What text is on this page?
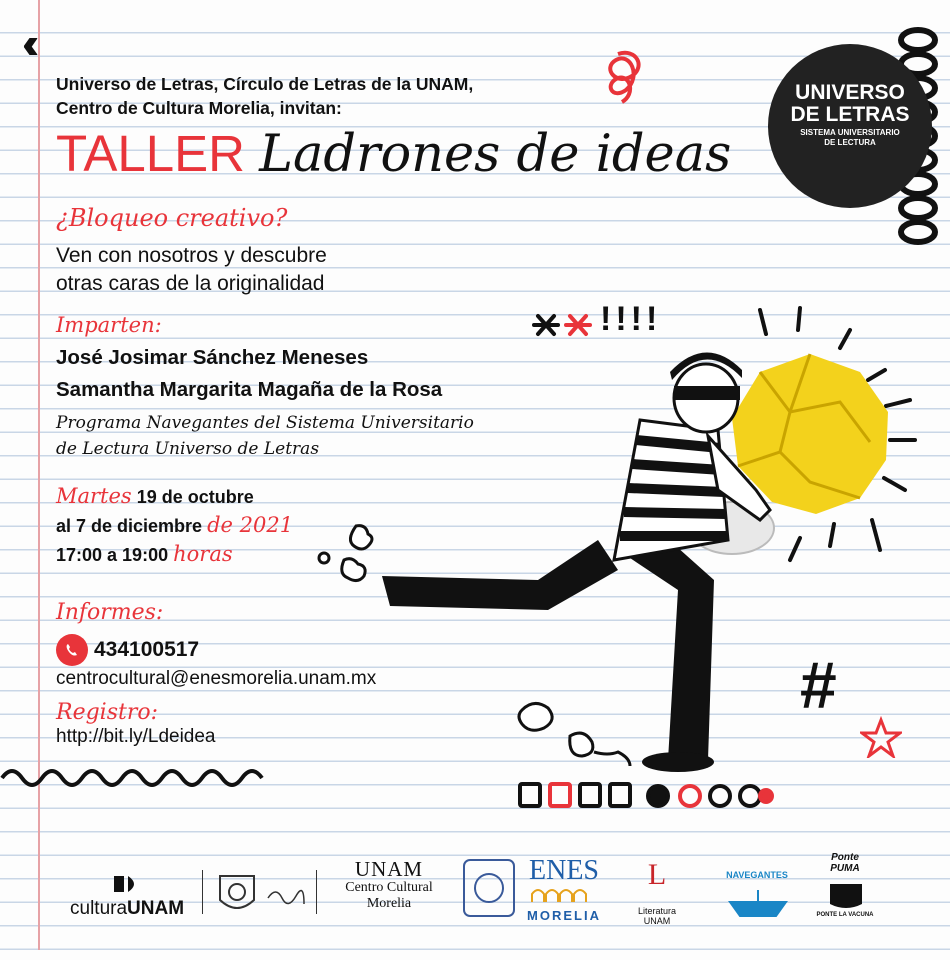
‹‹
Universo de Letras, Círculo de Letras de la UNAM,
Centro de Cultura Morelia, invitan:
TALLER Ladrones de ideas
¿Bloqueo creativo?
Ven con nosotros y descubre
otras caras de la originalidad
Imparten:
José Josimar Sánchez Meneses
Samantha Margarita Magaña de la Rosa
Programa Navegantes del Sistema Universitario
de Lectura Universo de Letras
Martes 19 de octubre
al 7 de diciembre de 2021
17:00 a 19:00 horas
Informes:
434100517
centrocultural@enesmorelia.unam.mx
Registro:
http://bit.ly/Ldeidea
!!!!
#
UNIVERSO
DE LETRAS
SISTEMA UNIVERSITARIO
DE LECTURA
culturaUNAM
UNAM
Centro Cultural
Morelia
ENES
MORELIA
L
Literatura
UNAM
NAVEGANTES
Ponte
PUMA
PONTE LA VACUNA
